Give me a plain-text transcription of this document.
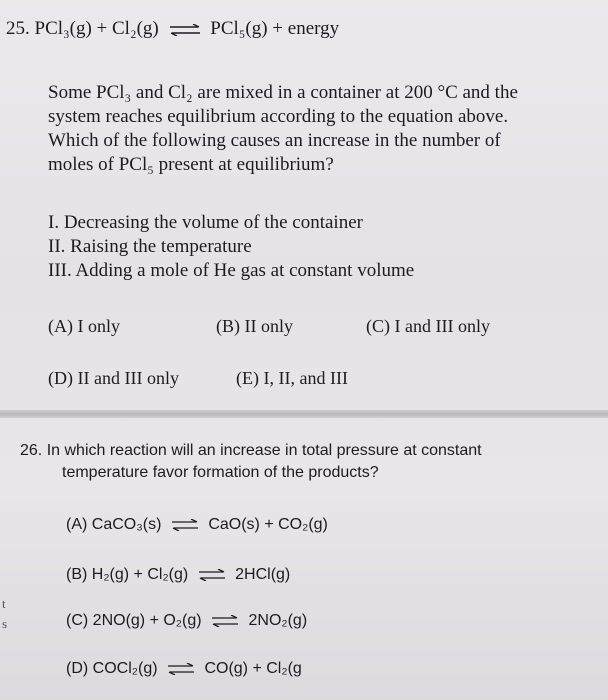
25. PCl₃(g) + Cl₂(g) ⇌ PCl₅(g) + energy
Some PCl₃ and Cl₂ are mixed in a container at 200 °C and the
system reaches equilibrium according to the equation above.
Which of the following causes an increase in the number of
moles of PCl₅ present at equilibrium?
I. Decreasing the volume of the container
II. Raising the temperature
III. Adding a mole of He gas at constant volume
(A) I only	(B) II only	(C) I and III only
(D) II and III only	(E) I, II, and III
26. In which reaction will an increase in total pressure at constant
temperature favor formation of the products?
(A) CaCO₃(s) ⇌ CaO(s) + CO₂(g)
(B) H₂(g) + Cl₂(g) ⇌ 2HCl(g)
(C) 2NO(g) + O₂(g) ⇌ 2NO₂(g)
(D) COCl₂(g) ⇌ CO(g) + Cl₂(g
t
s
